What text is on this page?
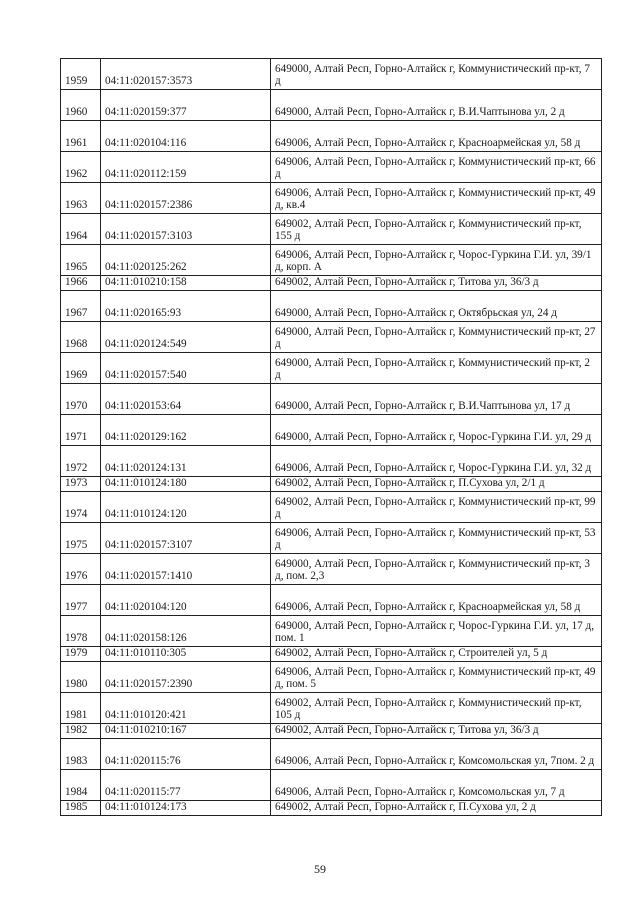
1959	04:11:020157:3573	649000, Алтай Респ, Горно-Алтайск г, Коммунистический пр-кт, 7 д
1960	04:11:020159:377	649000, Алтай Респ, Горно-Алтайск г, В.И.Чаптынова ул, 2 д
1961	04:11:020104:116	649006, Алтай Респ, Горно-Алтайск г, Красноармейская ул, 58 д
1962	04:11:020112:159	649006, Алтай Респ, Горно-Алтайск г, Коммунистический пр-кт, 66 д
1963	04:11:020157:2386	649006, Алтай Респ, Горно-Алтайск г, Коммунистический пр-кт, 49 д, кв.4
1964	04:11:020157:3103	649002, Алтай Респ, Горно-Алтайск г, Коммунистический пр-кт, 155 д
1965	04:11:020125:262	649006, Алтай Респ, Горно-Алтайск г, Чорос-Гуркина Г.И. ул, 39/1 д, корп. А
1966	04:11:010210:158	649002, Алтай Респ, Горно-Алтайск г, Титова ул, 36/3 д
1967	04:11:020165:93	649000, Алтай Респ, Горно-Алтайск г, Октябрьская ул, 24 д
1968	04:11:020124:549	649000, Алтай Респ, Горно-Алтайск г, Коммунистический пр-кт, 27 д
1969	04:11:020157:540	649000, Алтай Респ, Горно-Алтайск г, Коммунистический пр-кт, 2 д
1970	04:11:020153:64	649000, Алтай Респ, Горно-Алтайск г, В.И.Чаптынова ул, 17 д
1971	04:11:020129:162	649000, Алтай Респ, Горно-Алтайск г, Чорос-Гуркина Г.И. ул, 29 д
1972	04:11:020124:131	649006, Алтай Респ, Горно-Алтайск г, Чорос-Гуркина Г.И. ул, 32 д
1973	04:11:010124:180	649002, Алтай Респ, Горно-Алтайск г, П.Сухова ул, 2/1 д
1974	04:11:010124:120	649002, Алтай Респ, Горно-Алтайск г, Коммунистический пр-кт, 99 д
1975	04:11:020157:3107	649006, Алтай Респ, Горно-Алтайск г, Коммунистический пр-кт, 53 д
1976	04:11:020157:1410	649000, Алтай Респ, Горно-Алтайск г, Коммунистический пр-кт, 3 д, пом. 2,3
1977	04:11:020104:120	649006, Алтай Респ, Горно-Алтайск г, Красноармейская ул, 58 д
1978	04:11:020158:126	649000, Алтай Респ, Горно-Алтайск г, Чорос-Гуркина Г.И. ул, 17 д, пом. 1
1979	04:11:010110:305	649002, Алтай Респ, Горно-Алтайск г, Строителей ул, 5 д
1980	04:11:020157:2390	649006, Алтай Респ, Горно-Алтайск г, Коммунистический пр-кт, 49 д, пом. 5
1981	04:11:010120:421	649002, Алтай Респ, Горно-Алтайск г, Коммунистический пр-кт, 105 д
1982	04:11:010210:167	649002, Алтай Респ, Горно-Алтайск г, Титова ул, 36/3 д
1983	04:11:020115:76	649006, Алтай Респ, Горно-Алтайск г, Комсомольская ул, 7пом. 2 д
1984	04:11:020115:77	649006, Алтай Респ, Горно-Алтайск г, Комсомольская ул, 7 д
1985	04:11:010124:173	649002, Алтай Респ, Горно-Алтайск г, П.Сухова ул, 2 д
59
